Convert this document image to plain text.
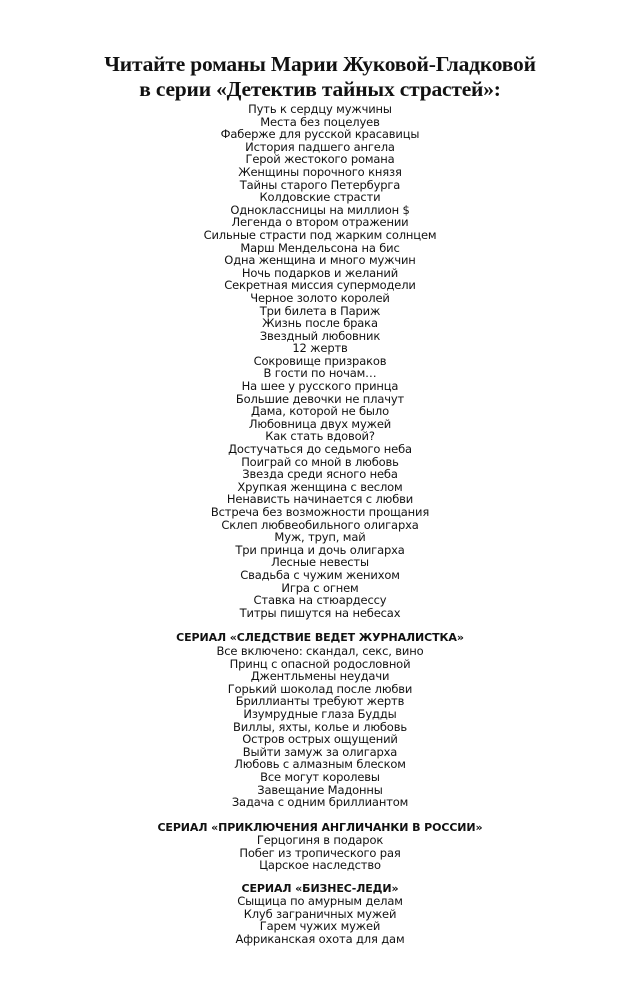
Читайте романы Марии Жуковой-Гладковой
в серии «Детектив тайных страстей»:
Путь к сердцу мужчины
Места без поцелуев
Фаберже для русской красавицы
История падшего ангела
Герой жестокого романа
Женщины порочного князя
Тайны старого Петербурга
Колдовские страсти
Одноклассницы на миллион $
Легенда о втором отражении
Сильные страсти под жарким солнцем
Марш Мендельсона на бис
Одна женщина и много мужчин
Ночь подарков и желаний
Секретная миссия супермодели
Черное золото королей
Три билета в Париж
Жизнь после брака
Звездный любовник
12 жертв
Сокровище призраков
В гости по ночам…
На шее у русского принца
Большие девочки не плачут
Дама, которой не было
Любовница двух мужей
Как стать вдовой?
Достучаться до седьмого неба
Поиграй со мной в любовь
Звезда среди ясного неба
Хрупкая женщина с веслом
Ненависть начинается с любви
Встреча без возможности прощания
Склеп любвеобильного олигарха
Муж, труп, май
Три принца и дочь олигарха
Лесные невесты
Свадьба с чужим женихом
Игра с огнем
Ставка на стюардессу
Титры пишутся на небесах
СЕРИАЛ «СЛЕДСТВИЕ ВЕДЕТ ЖУРНАЛИСТКА»
Все включено: скандал, секс, вино
Принц с опасной родословной
Джентльмены неудачи
Горький шоколад после любви
Бриллианты требуют жертв
Изумрудные глаза Будды
Виллы, яхты, колье и любовь
Остров острых ощущений
Выйти замуж за олигарха
Любовь с алмазным блеском
Все могут королевы
Завещание Мадонны
Задача с одним бриллиантом
СЕРИАЛ «ПРИКЛЮЧЕНИЯ АНГЛИЧАНКИ В РОССИИ»
Герцогиня в подарок
Побег из тропического рая
Царское наследство
СЕРИАЛ «БИЗНЕС-ЛЕДИ»
Сыщица по амурным делам
Клуб заграничных мужей
Гарем чужих мужей
Африканская охота для дам
